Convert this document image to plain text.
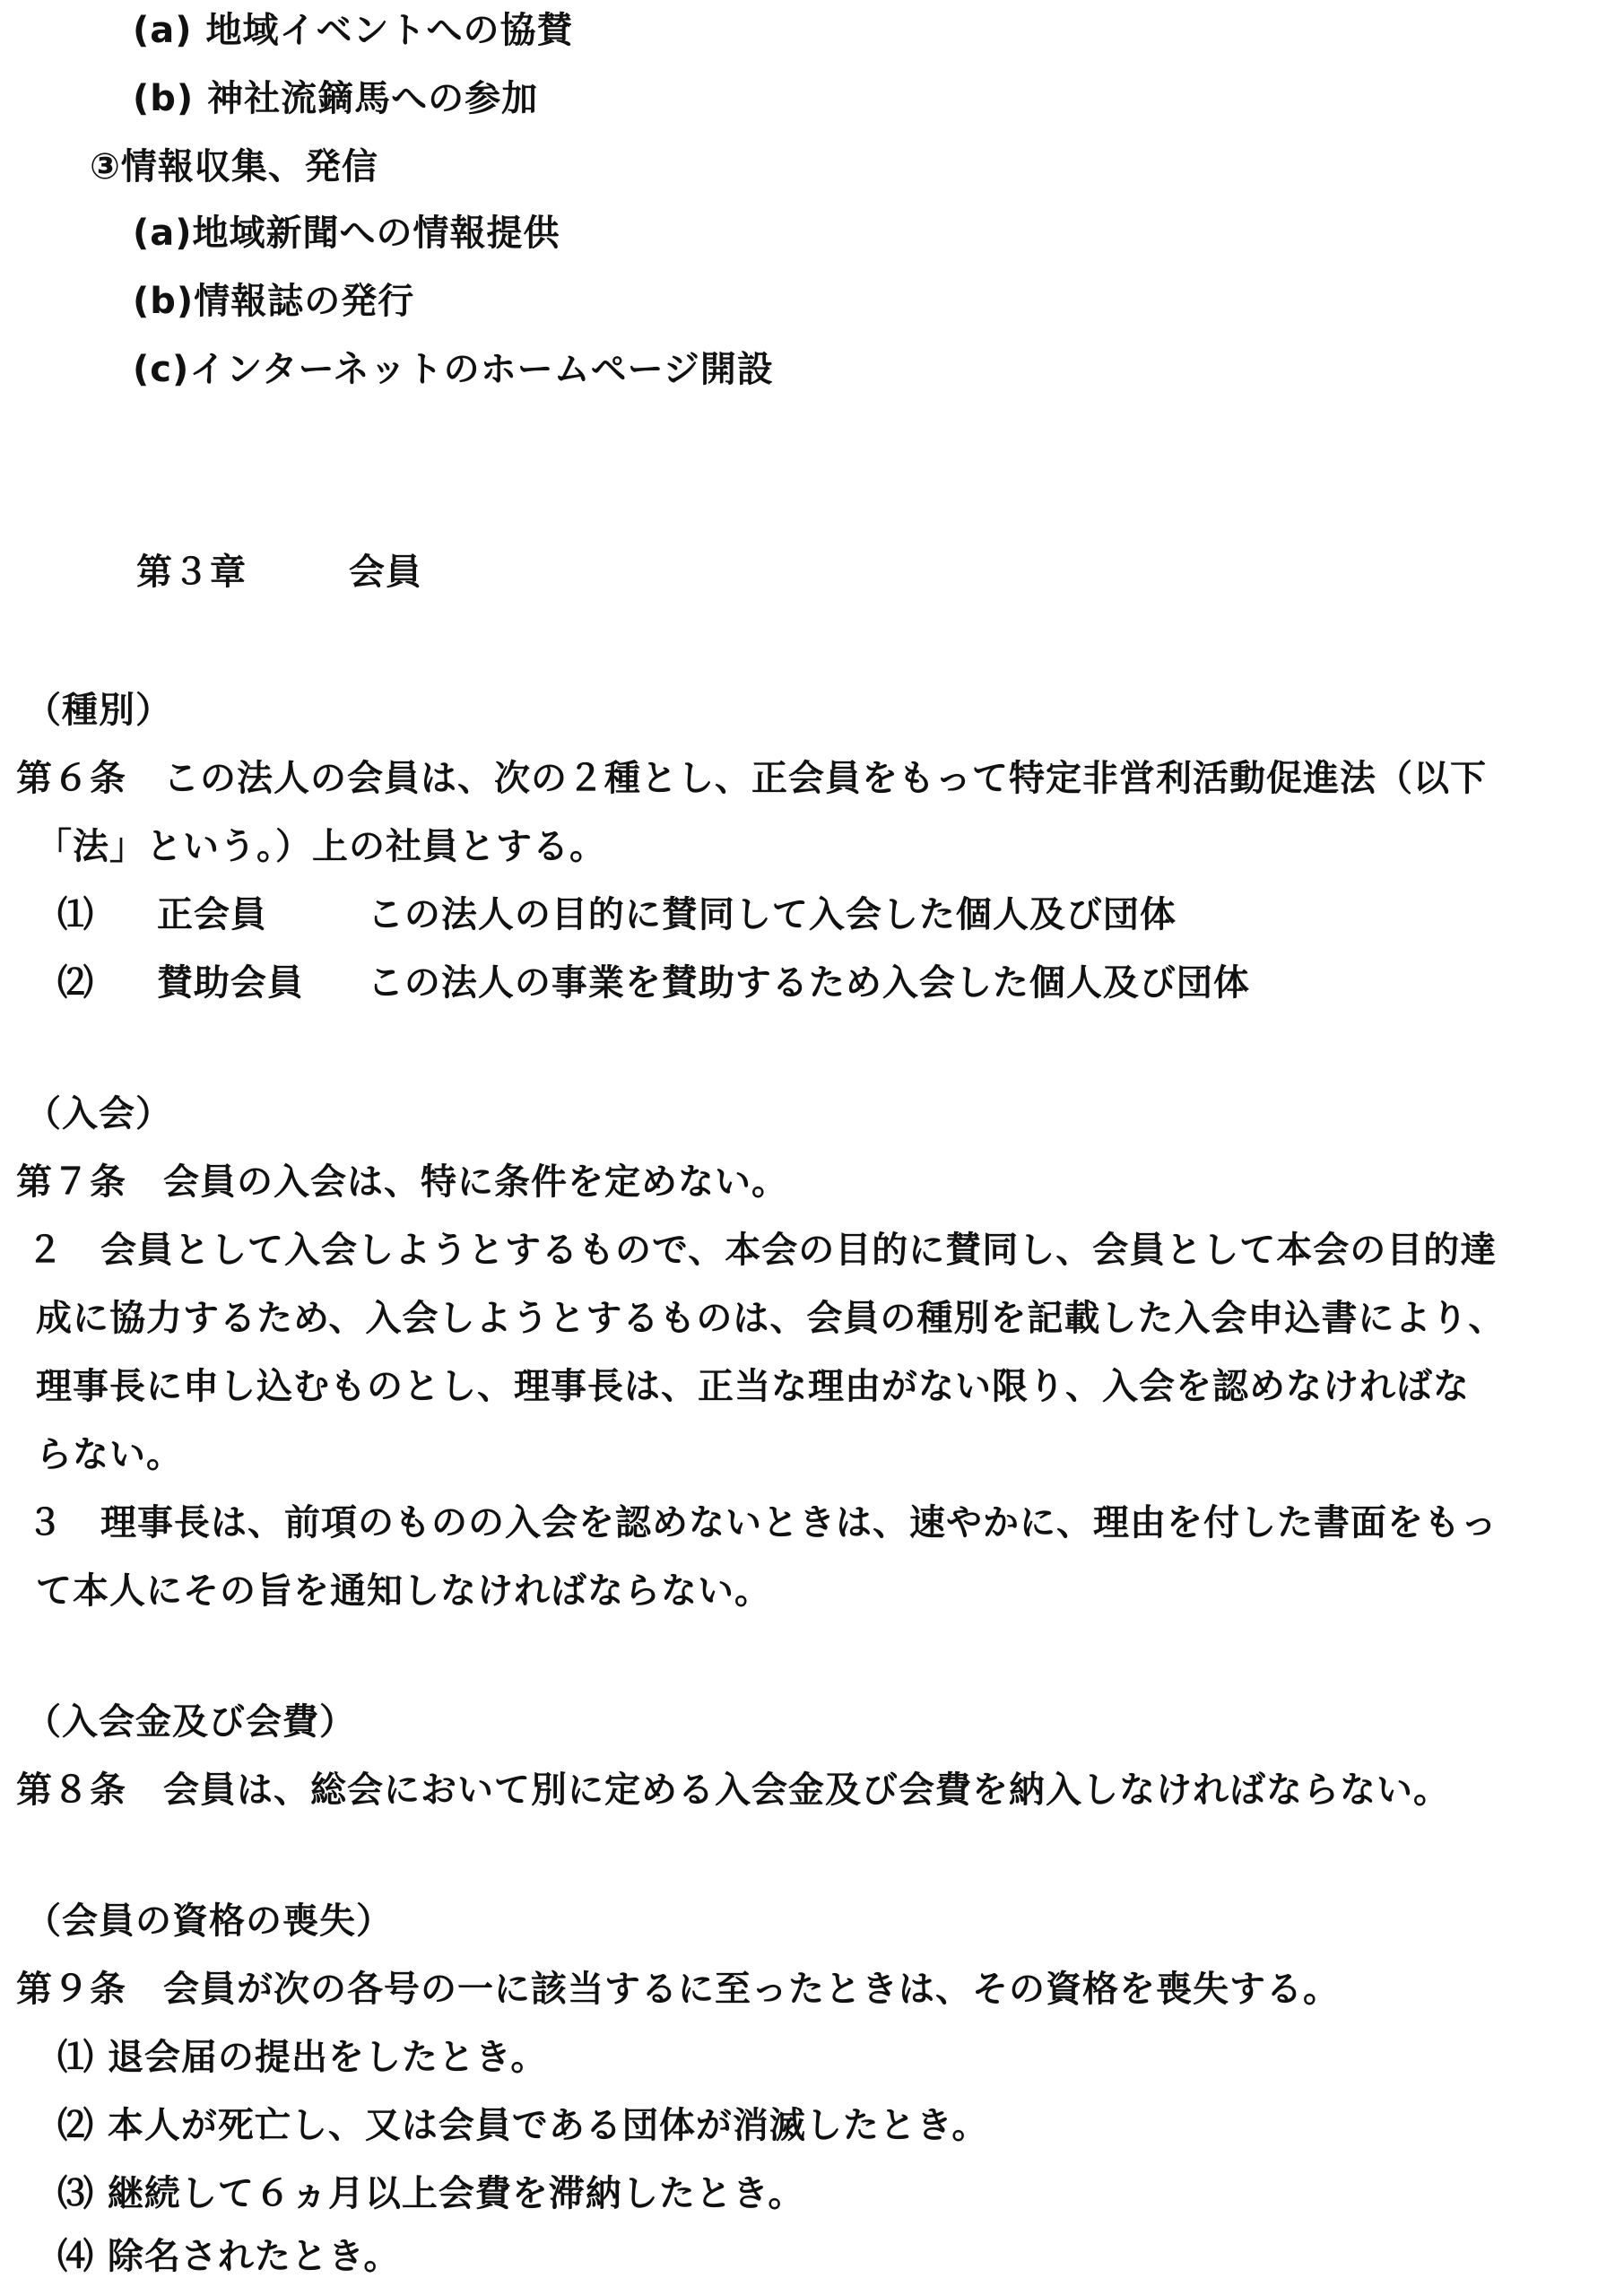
(a) 地域イベントへの協賛
(b) 神社流鏑馬への参加
③情報収集、発信
(a)地域新聞への情報提供
(b)情報誌の発行
(c)インターネットのホームページ開設
第３章	会員
（種別）
第６条　この法人の会員は、次の２種とし、正会員をもって特定非営利活動促進法（以下
「法」という。）上の社員とする。
⑴ 正会員	この法人の目的に賛同して入会した個人及び団体
⑵ 賛助会員 この法人の事業を賛助するため入会した個人及び団体
（入会）
第７条　会員の入会は、特に条件を定めない。
２　会員として入会しようとするもので、本会の目的に賛同し、会員として本会の目的達
成に協力するため、入会しようとするものは、会員の種別を記載した入会申込書により、
理事長に申し込むものとし、理事長は、正当な理由がない限り、入会を認めなければな
らない。
３　理事長は、前項のものの入会を認めないときは、速やかに、理由を付した書面をもっ
て本人にその旨を通知しなければならない。
（入会金及び会費）
第８条　会員は、総会において別に定める入会金及び会費を納入しなければならない。
（会員の資格の喪失）
第９条　会員が次の各号の一に該当するに至ったときは、その資格を喪失する。
⑴ 退会届の提出をしたとき。
⑵ 本人が死亡し、又は会員である団体が消滅したとき。
⑶ 継続して６ヵ月以上会費を滞納したとき。
⑷ 除名されたとき。
